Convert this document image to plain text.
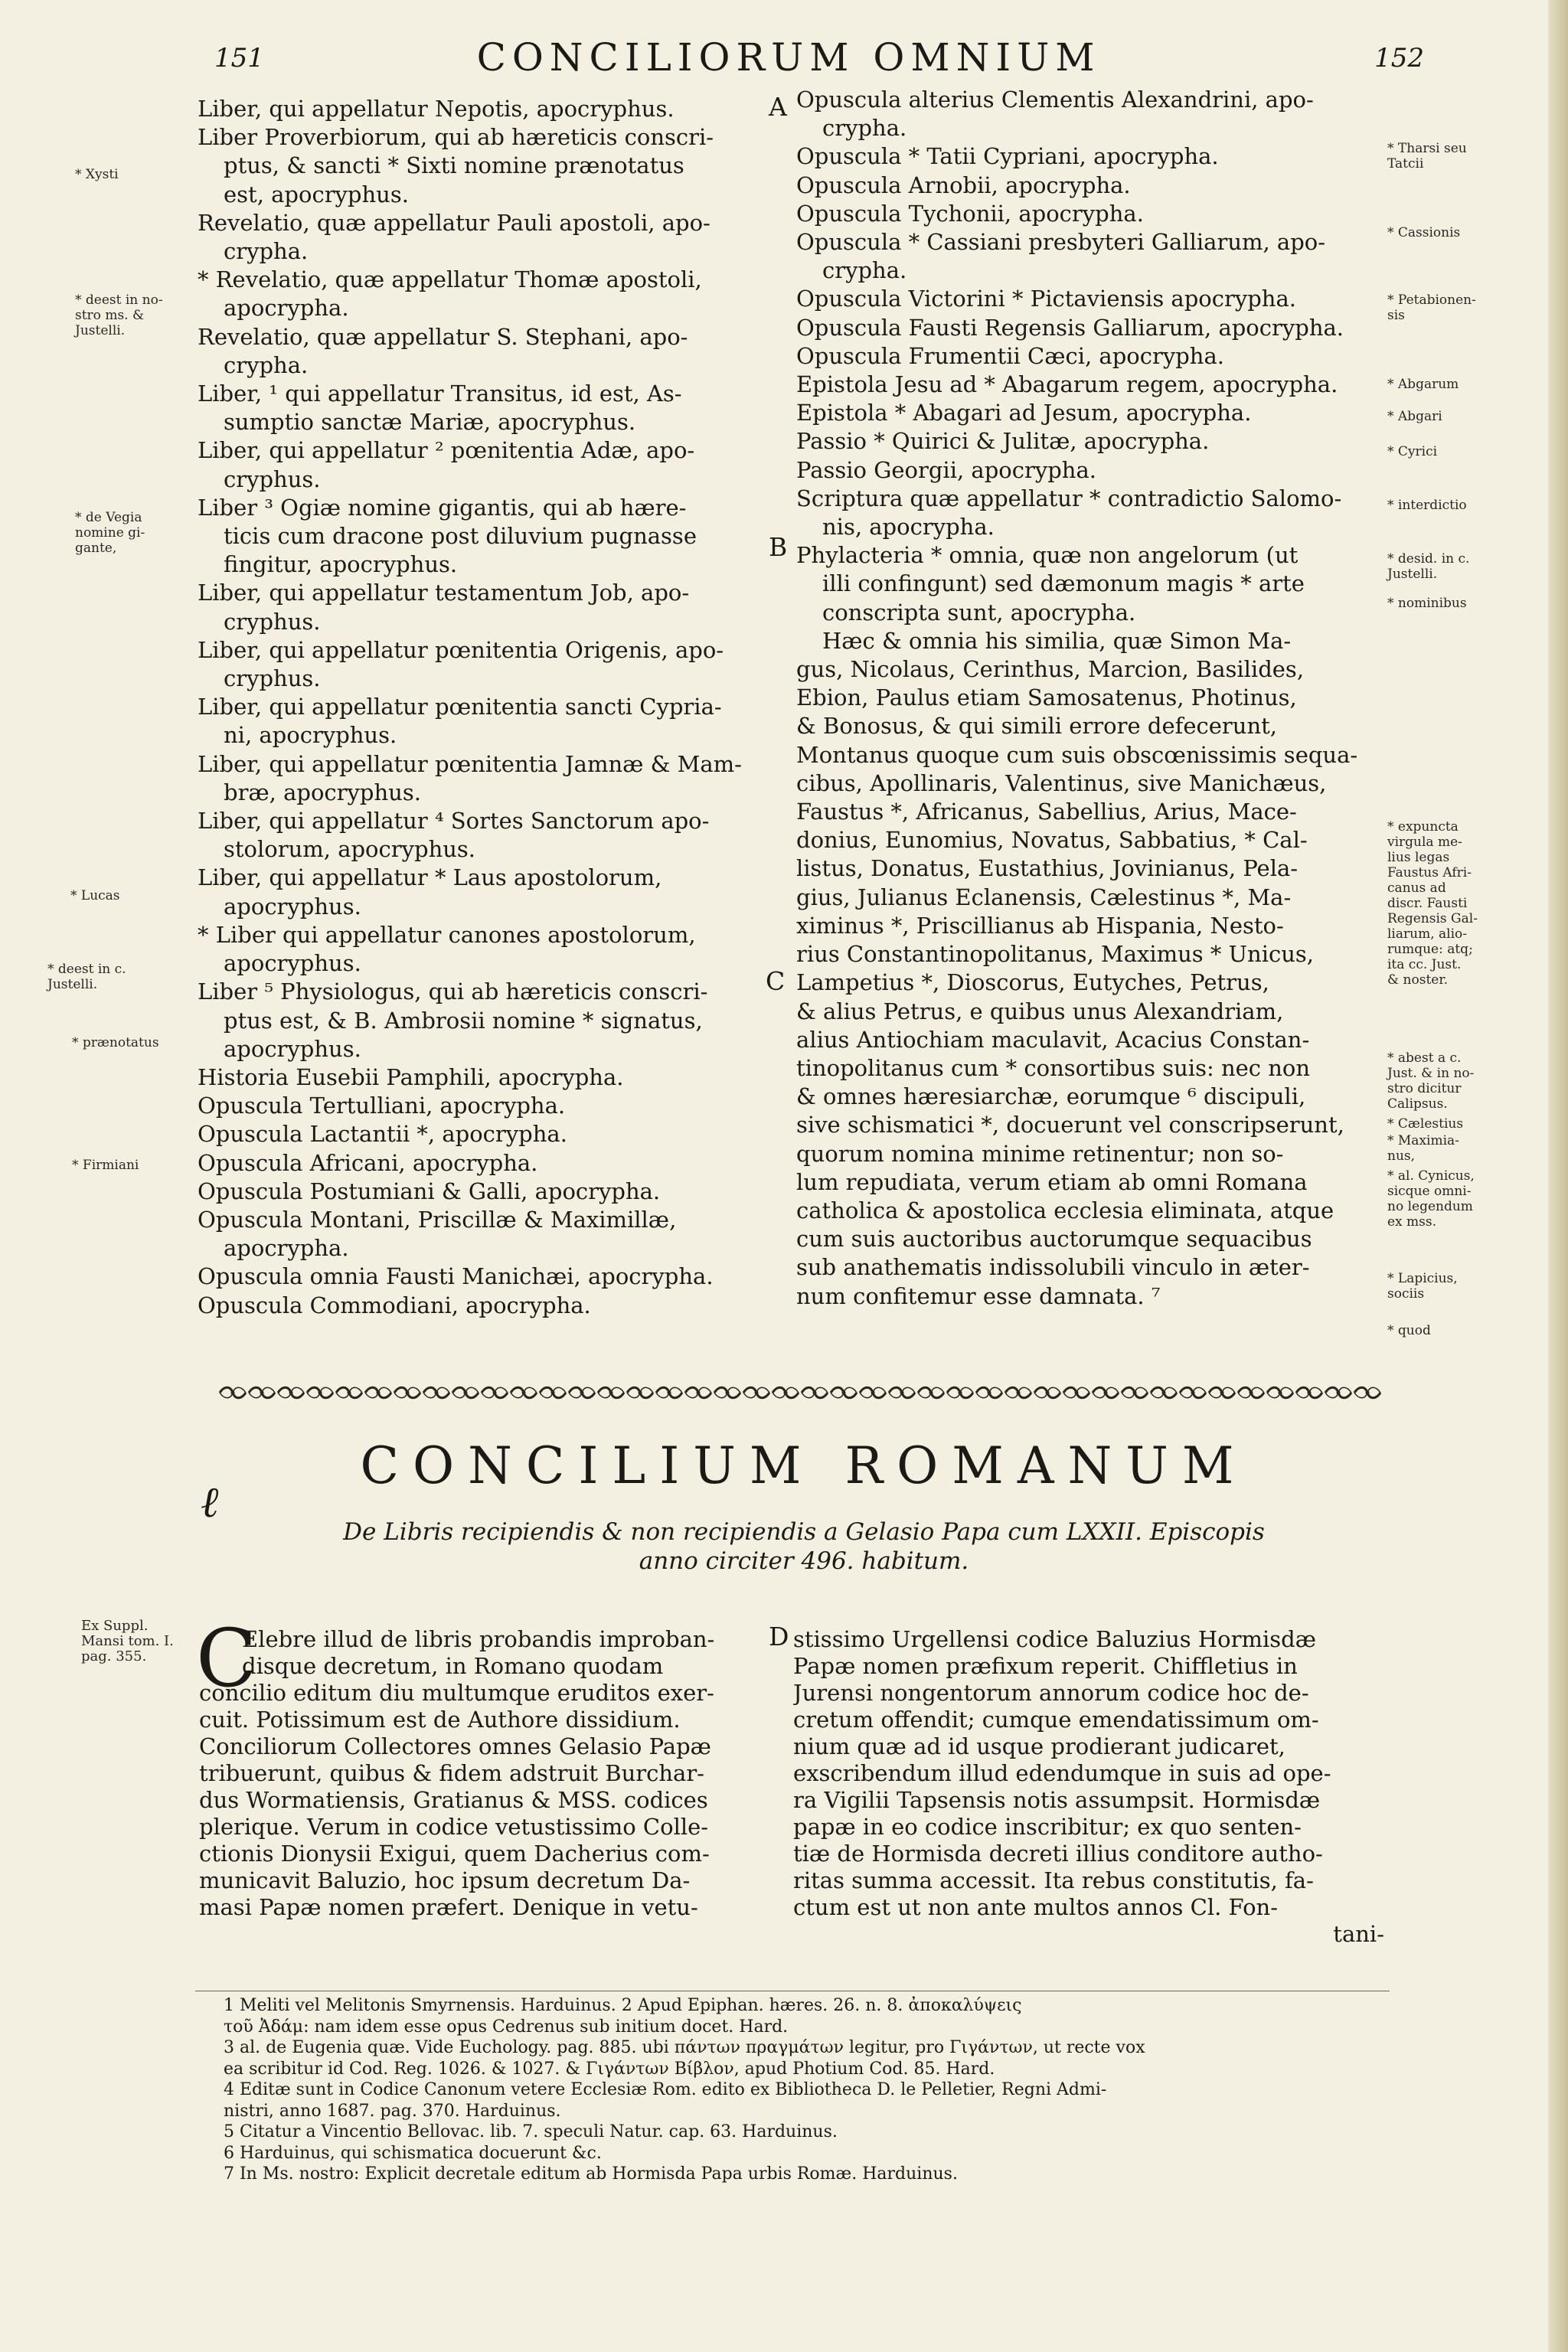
151	CONCILIORUM OMNIUM	152
Liber, qui appellatur Nepotis, apocryphus.
Liber Proverbiorum, qui ab hæreticis conscri-
ptus, & sancti * Sixti nomine prænotatus
est, apocryphus.
Revelatio, quæ appellatur Pauli apostoli, apo-
crypha.
* Revelatio, quæ appellatur Thomæ apostoli,
apocrypha.
Revelatio, quæ appellatur S. Stephani, apo-
crypha.
Liber, ¹ qui appellatur Transitus, id est, As-
sumptio sanctæ Mariæ, apocryphus.
Liber, qui appellatur ² pœnitentia Adæ, apo-
cryphus.
Liber ³ Ogiæ nomine gigantis, qui ab hære-
ticis cum dracone post diluvium pugnasse
fingitur, apocryphus.
Liber, qui appellatur testamentum Job, apo-
cryphus.
Liber, qui appellatur pœnitentia Origenis, apo-
cryphus.
Liber, qui appellatur pœnitentia sancti Cypria-
ni, apocryphus.
Liber, qui appellatur pœnitentia Jamnæ & Mam-
bræ, apocryphus.
Liber, qui appellatur ⁴ Sortes Sanctorum apo-
stolorum, apocryphus.
Liber, qui appellatur * Laus apostolorum,
apocryphus.
* Liber qui appellatur canones apostolorum,
apocryphus.
Liber ⁵ Physiologus, qui ab hæreticis conscri-
ptus est, & B. Ambrosii nomine * signatus,
apocryphus.
Historia Eusebii Pamphili, apocrypha.
Opuscula Tertulliani, apocrypha.
Opuscula Lactantii *, apocrypha.
Opuscula Africani, apocrypha.
Opuscula Postumiani & Galli, apocrypha.
Opuscula Montani, Priscillæ & Maximillæ,
apocrypha.
Opuscula omnia Fausti Manichæi, apocrypha.
Opuscula Commodiani, apocrypha.
Opuscula alterius Clementis Alexandrini, apo-
crypha.
Opuscula * Tatii Cypriani, apocrypha.
Opuscula Arnobii, apocrypha.
Opuscula Tychonii, apocrypha.
Opuscula * Cassiani presbyteri Galliarum, apo-
crypha.
Opuscula Victorini * Pictaviensis apocrypha.
Opuscula Fausti Regensis Galliarum, apocrypha.
Opuscula Frumentii Cæci, apocrypha.
Epistola Jesu ad * Abagarum regem, apocrypha.
Epistola * Abagari ad Jesum, apocrypha.
Passio * Quirici & Julitæ, apocrypha.
Passio Georgii, apocrypha.
Scriptura quæ appellatur * contradictio Salomo-
nis, apocrypha.
Phylacteria * omnia, quæ non angelorum (ut
illi confingunt) sed dæmonum magis * arte
conscripta sunt, apocrypha.
Hæc & omnia his similia, quæ Simon Ma-
gus, Nicolaus, Cerinthus, Marcion, Basilides,
Ebion, Paulus etiam Samosatenus, Photinus,
& Bonosus, & qui simili errore defecerunt,
Montanus quoque cum suis obscœnissimis sequa-
cibus, Apollinaris, Valentinus, sive Manichæus,
Faustus *, Africanus, Sabellius, Arius, Mace-
donius, Eunomius, Novatus, Sabbatius, * Cal-
listus, Donatus, Eustathius, Jovinianus, Pela-
gius, Julianus Eclanensis, Cælestinus *, Ma-
ximinus *, Priscillianus ab Hispania, Nesto-
rius Constantinopolitanus, Maximus * Unicus,
Lampetius *, Dioscorus, Eutyches, Petrus,
& alius Petrus, e quibus unus Alexandriam,
alius Antiochiam maculavit, Acacius Constan-
tinopolitanus cum * consortibus suis: nec non
& omnes hæresiarchæ, eorumque ⁶ discipuli,
sive schismatici *, docuerunt vel conscripserunt,
quorum nomina minime retinentur; non so-
lum repudiata, verum etiam ab omni Romana
catholica & apostolica ecclesia eliminata, atque
cum suis auctoribus auctorumque sequacibus
sub anathematis indissolubili vinculo in æter-
num confitemur esse damnata. ⁷
A
B
C
D
* Xysti
* deest in no-
stro ms. &
Justelli.
* de Vegia
nomine gi-
gante,
* Lucas
* deest in c.
Justelli.
* prænotatus
* Firmiani
* Tharsi seu
Tatcii
* Cassionis
* Petabionen-
sis
* Abgarum
* Abgari
* Cyrici
* interdictio
* desid. in c.
Justelli.
* nominibus
* expuncta
virgula me-
lius legas
Faustus Afri-
canus ad
discr. Fausti
Regensis Gal-
liarum, alio-
rumque: atq;
ita cc. Just.
& noster.
* abest a c.
Just. & in no-
stro dicitur
Calipsus.
* Cælestius
* Maximia-
nus,
* al. Cynicus,
sicque omni-
no legendum
ex mss.
* Lapicius,
sociis
* quod
CONCILIUM ROMANUM
ℓ
De Libris recipiendis & non recipiendis a Gelasio Papa cum LXXII. Episcopis
anno circiter 496. habitum.
Ex Suppl.
Mansi tom. I.
pag. 355. C
Elebre illud de libris probandis improban-
disque decretum, in Romano quodam
concilio editum diu multumque eruditos exer-
cuit. Potissimum est de Authore dissidium.
Conciliorum Collectores omnes Gelasio Papæ
tribuerunt, quibus & fidem adstruit Burchar-
dus Wormatiensis, Gratianus & MSS. codices
plerique. Verum in codice vetustissimo Colle-
ctionis Dionysii Exigui, quem Dacherius com-
municavit Baluzio, hoc ipsum decretum Da-
masi Papæ nomen præfert. Denique in vetu-
stissimo Urgellensi codice Baluzius Hormisdæ
Papæ nomen præfixum reperit. Chiffletius in
Jurensi nongentorum annorum codice hoc de-
cretum offendit; cumque emendatissimum om-
nium quæ ad id usque prodierant judicaret,
exscribendum illud edendumque in suis ad ope-
ra Vigilii Tapsensis notis assumpsit. Hormisdæ
papæ in eo codice inscribitur; ex quo senten-
tiæ de Hormisda decreti illius conditore autho-
ritas summa accessit. Ita rebus constitutis, fa-
ctum est ut non ante multos annos Cl. Fon-
tani-
1 Meliti vel Melitonis Smyrnensis. Harduinus. 2 Apud Epiphan. hæres. 26. n. 8. ἀποκαλύψεις
τοῦ Ἀδάμ: nam idem esse opus Cedrenus sub initium docet. Hard.
3 al. de Eugenia quæ. Vide Euchology. pag. 885. ubi πάντων πραγμάτων legitur, pro Γιγάντων, ut recte vox
ea scribitur id Cod. Reg. 1026. & 1027. & Γιγάντων Βίβλον, apud Photium Cod. 85. Hard.
4 Editæ sunt in Codice Canonum vetere Ecclesiæ Rom. edito ex Bibliotheca D. le Pelletier, Regni Admi-
nistri, anno 1687. pag. 370. Harduinus.
5 Citatur a Vincentio Bellovac. lib. 7. speculi Natur. cap. 63. Harduinus.
6 Harduinus, qui schismatica docuerunt &c.
7 In Ms. nostro: Explicit decretale editum ab Hormisda Papa urbis Romæ. Harduinus.
